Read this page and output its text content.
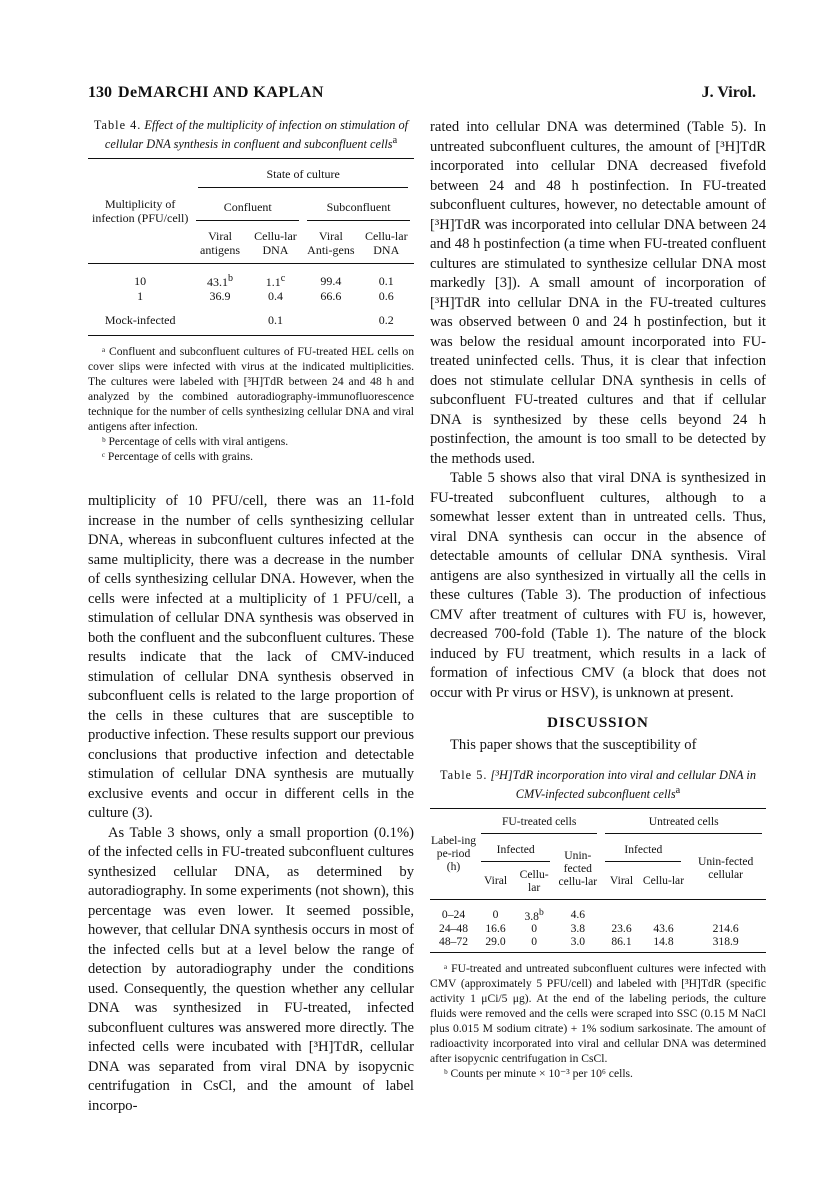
130 DeMARCHI AND KAPLAN	J. Virol.
Table 4. Effect of the multiplicity of infection on stimulation of cellular DNA synthesis in confluent and subconfluent cells$^a$
Multiplicity of infection (PFU/cell)	State of culture			

	Confluent		Subconfluent	

	Viral antigens	Cellu-lar DNA	Viral Anti-gens	Cellu-lar DNA

10	43.1$^b$	1.1$^c$	99.4	0.1
1	36.9	0.4	66.6	0.6

Mock-infected		0.1		0.2

ᵃ Confluent and subconfluent cultures of FU-treated HEL cells on cover slips were infected with virus at the indicated multiplicities. The cultures were labeled with [³H]TdR between 24 and 48 h and analyzed by the combined autoradiography-immunofluorescence technique for the number of cells synthesizing cellular DNA and viral antigens after infection.

ᵇ Percentage of cells with viral antigens.

ᶜ Percentage of cells with grains.

multiplicity of 10 PFU/cell, there was an 11-fold increase in the number of cells synthesizing cellular DNA, whereas in subconfluent cultures infected at the same multiplicity, there was a decrease in the number of cells synthesizing cellular DNA. However, when the cells were infected at a multiplicity of 1 PFU/cell, a stimulation of cellular DNA synthesis was observed in both the confluent and the subconfluent cultures. These results indicate that the lack of CMV-induced stimulation of cellular DNA synthesis observed in subconfluent cells is related to the large proportion of the cells in these cultures that are susceptible to productive infection. These results support our previous conclusions that productive infection and detectable stimulation of cellular DNA synthesis are mutually exclusive events and occur in different cells in the culture (3).

As Table 3 shows, only a small proportion (0.1%) of the infected cells in FU-treated subconfluent cultures synthesized cellular DNA, as determined by autoradiography. In some experiments (not shown), this percentage was even lower. It seemed possible, however, that cellular DNA synthesis occurs in most of the infected cells but at a level below the range of detection by autoradiography under the conditions used. Consequently, the question whether any cellular DNA was synthesized in FU-treated, infected subconfluent cultures was answered more directly. The infected cells were incubated with [³H]TdR, cellular DNA was separated from viral DNA by isopycnic centrifugation in CsCl, and the amount of label incorpo-

rated into cellular DNA was determined (Table 5). In untreated subconfluent cultures, the amount of [³H]TdR incorporated into cellular DNA decreased fivefold between 24 and 48 h postinfection. In FU-treated subconfluent cultures, however, no detectable amount of [³H]TdR was incorporated into cellular DNA between 24 and 48 h postinfection (a time when FU-treated confluent cultures are stimulated to synthesize cellular DNA most markedly [3]). A small amount of incorporation of [³H]TdR into cellular DNA in the FU-treated cultures was observed between 0 and 24 h postinfection, but it was below the residual amount incorporated into FU-treated uninfected cells. Thus, it is clear that infection does not stimulate cellular DNA synthesis in cells of subconfluent FU-treated cultures and that if cellular DNA is synthesized by these cells beyond 24 h postinfection, the amount is too small to be detected by the methods used.

Table 5 shows also that viral DNA is synthesized in FU-treated subconfluent cultures, although to a somewhat lesser extent than in untreated cells. Thus, viral DNA synthesis can occur in the absence of detectable amounts of cellular DNA synthesis. Viral antigens are also synthesized in virtually all the cells in these cultures (Table 3). The production of infectious CMV after treatment of cultures with FU is, however, decreased 700-fold (Table 1). The nature of the block induced by FU treatment, which results in a lack of formation of infectious CMV (a block that does not occur with Pr virus or HSV), is unknown at present.

DISCUSSION

This paper shows that the susceptibility of

Table 5. [³H]TdR incorporation into viral and cellular DNA in CMV-infected subconfluent cells$^a$
Label-ing pe-riod (h)	FU-treated cells			Untreated cells		

	Infected		Unin-fected cellu-lar	Infected		Unin-fected cellular
	Viral	Cellu-lar		Viral	Cellu-lar	

0–24	0	3.8$^b$	4.6			
24–48	16.6	0	3.8	23.6	43.6	214.6
48–72	29.0	0	3.0	86.1	14.8	318.9

ᵃ FU-treated and untreated subconfluent cultures were infected with CMV (approximately 5 PFU/cell) and labeled with [³H]TdR (specific activity 1 μCi/5 μg). At the end of the labeling periods, the culture fluids were removed and the cells were scraped into SSC (0.15 M NaCl plus 0.015 M sodium citrate) + 1% sodium sarkosinate. The amount of radioactivity incorporated into viral and cellular DNA was determined after isopycnic centrifugation in CsCl.

ᵇ Counts per minute × 10⁻³ per 10⁶ cells.
